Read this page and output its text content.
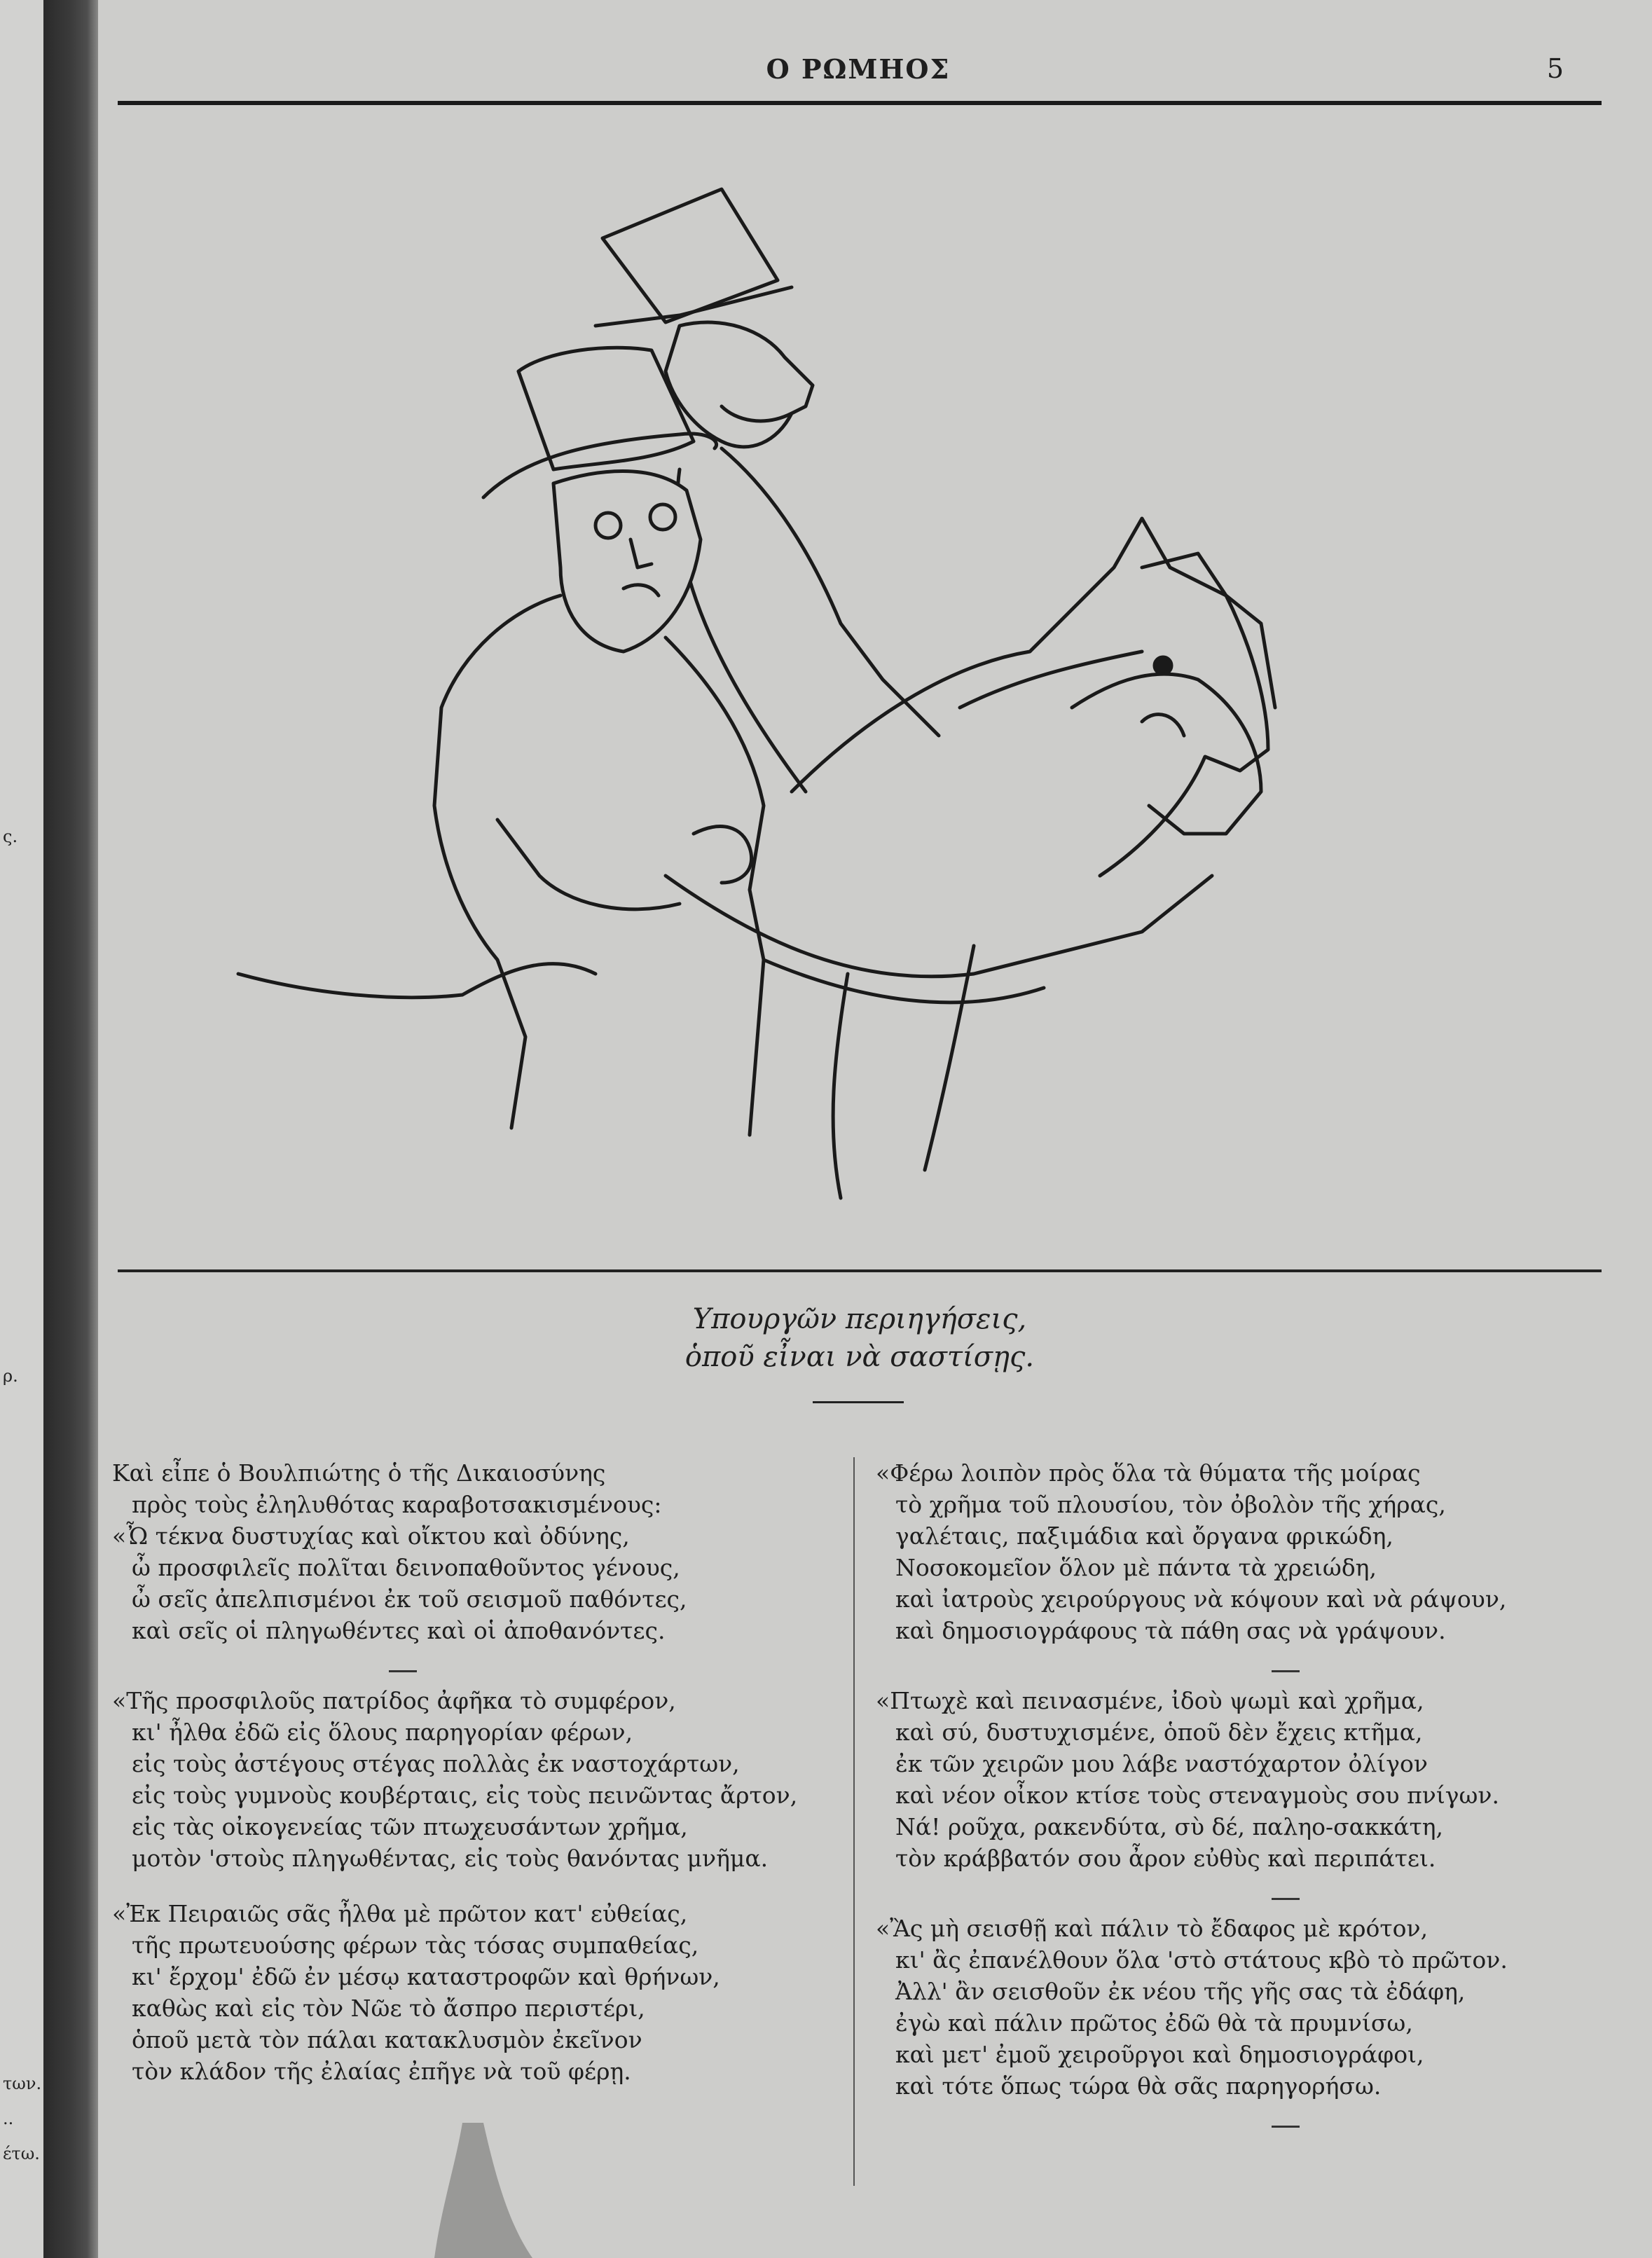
ς.
ρ.
των.
..
έτω.
Ο ΡΩΜΗΟΣ	5
Υπουργῶν περιηγήσεις,
ὁποῦ εἶναι νὰ σαστίσῃς.
Καὶ εἶπε ὁ Βουλπιώτης ὁ τῆς Δικαιοσύνης
πρὸς τοὺς ἐληλυθότας καραβοτσακισμένους:
«Ὦ τέκνα δυστυχίας καὶ οἴκτου καὶ ὀδύνης,
ὦ προσφιλεῖς πολῖται δεινοπαθοῦντος γένους,
ὦ σεῖς ἀπελπισμένοι ἐκ τοῦ σεισμοῦ παθόντες,
καὶ σεῖς οἱ πληγωθέντες καὶ οἱ ἀποθανόντες.
«Τῆς προσφιλοῦς πατρίδος ἀφῆκα τὸ συμφέρον,
κι' ἦλθα ἐδῶ εἰς ὅλους παρηγορίαν φέρων,
εἰς τοὺς ἀστέγους στέγας πολλὰς ἐκ ναστοχάρτων,
εἰς τοὺς γυμνοὺς κουβέρταις, εἰς τοὺς πεινῶντας ἄρτον,
εἰς τὰς οἰκογενείας τῶν πτωχευσάντων χρῆμα,
μοτὸν 'στοὺς πληγωθέντας, εἰς τοὺς θανόντας μνῆμα.
«Ἐκ Πειραιῶς σᾶς ἦλθα μὲ πρῶτον κατ' εὐθείας,
τῆς πρωτευούσης φέρων τὰς τόσας συμπαθείας,
κι' ἔρχομ' ἐδῶ ἐν μέσῳ καταστροφῶν καὶ θρήνων,
καθὼς καὶ εἰς τὸν Νῶε τὸ ἄσπρο περιστέρι,
ὁποῦ μετὰ τὸν πάλαι κατακλυσμὸν ἐκεῖνον
τὸν κλάδον τῆς ἐλαίας ἐπῆγε νὰ τοῦ φέρῃ.
«Φέρω λοιπὸν πρὸς ὅλα τὰ θύματα τῆς μοίρας
τὸ χρῆμα τοῦ πλουσίου, τὸν ὀβολὸν τῆς χήρας,
γαλέταις, παξιμάδια καὶ ὄργανα φρικώδη,
Νοσοκομεῖον ὅλον μὲ πάντα τὰ χρειώδη,
καὶ ἰατροὺς χειρούργους νὰ κόψουν καὶ νὰ ράψουν,
καὶ δημοσιογράφους τὰ πάθη σας νὰ γράψουν.
«Πτωχὲ καὶ πεινασμένε, ἰδοὺ ψωμὶ καὶ χρῆμα,
καὶ σύ, δυστυχισμένε, ὁποῦ δὲν ἔχεις κτῆμα,
ἐκ τῶν χειρῶν μου λάβε ναστόχαρτον ὀλίγον
καὶ νέον οἶκον κτίσε τοὺς στεναγμοὺς σου πνίγων.
Νά! ροῦχα, ρακενδύτα, σὺ δέ, παληο-σακκάτη,
τὸν κράββατόν σου ἆρον εὐθὺς καὶ περιπάτει.
«Ἂς μὴ σεισθῇ καὶ πάλιν τὸ ἔδαφος μὲ κρότον,
κι' ἂς ἐπανέλθουν ὅλα 'στὸ στάτους κβὸ τὸ πρῶτον.
Ἀλλ' ἂν σεισθοῦν ἐκ νέου τῆς γῆς σας τὰ ἐδάφη,
ἐγὼ καὶ πάλιν πρῶτος ἐδῶ θὰ τὰ πρυμνίσω,
καὶ μετ' ἐμοῦ χειροῦργοι καὶ δημοσιογράφοι,
καὶ τότε ὅπως τώρα θὰ σᾶς παρηγορήσω.
